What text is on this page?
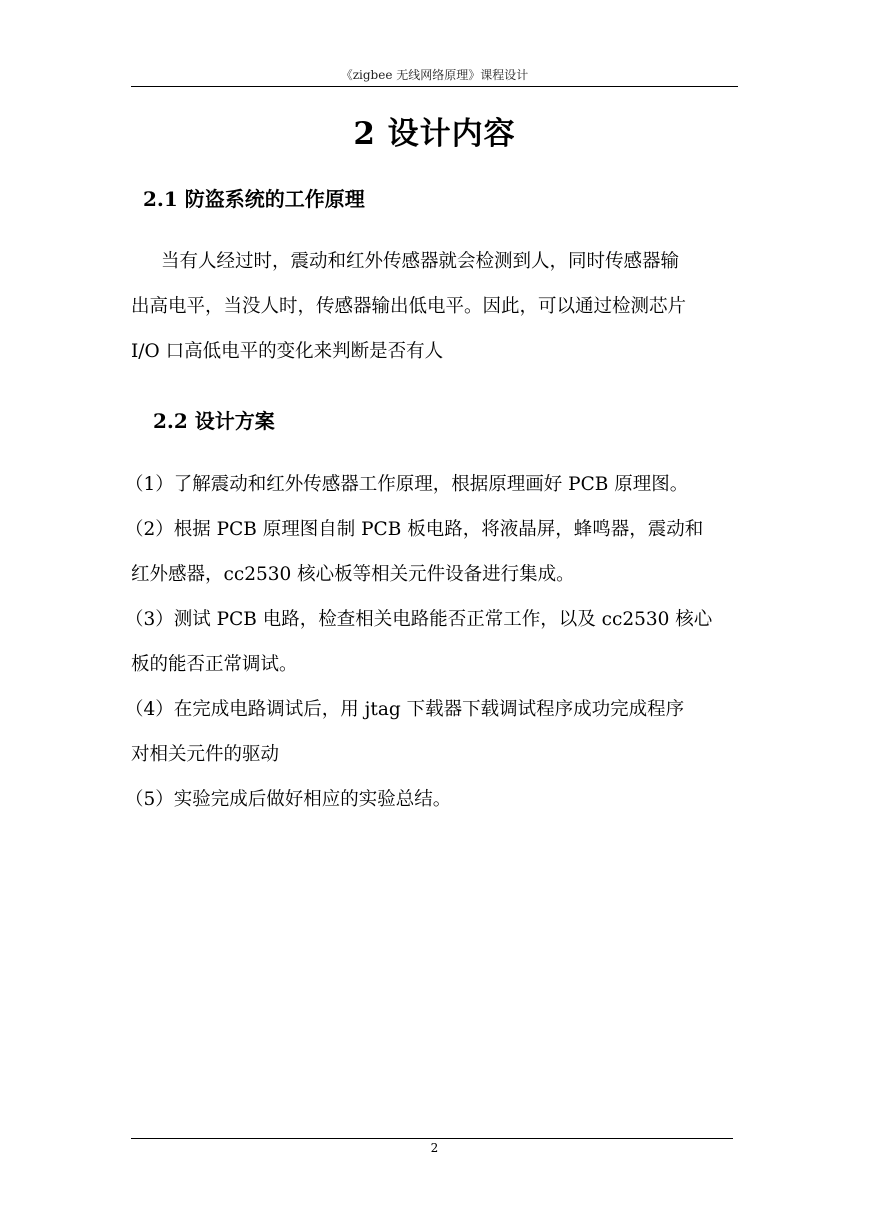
《zigbee 无线网络原理》课程设计
2 设计内容
2.1 防盗系统的工作原理
当有人经过时，震动和红外传感器就会检测到人，同时传感器输
出高电平，当没人时，传感器输出低电平。因此，可以通过检测芯片
I/O 口高低电平的变化来判断是否有人
2.2 设计方案
（1）了解震动和红外传感器工作原理，根据原理画好 PCB 原理图。
（2）根据 PCB 原理图自制 PCB 板电路，将液晶屏，蜂鸣器，震动和
红外感器，cc2530 核心板等相关元件设备进行集成。
（3）测试 PCB 电路，检查相关电路能否正常工作，以及 cc2530 核心
板的能否正常调试。
（4）在完成电路调试后，用 jtag 下载器下载调试程序成功完成程序
对相关元件的驱动
（5）实验完成后做好相应的实验总结。
2
